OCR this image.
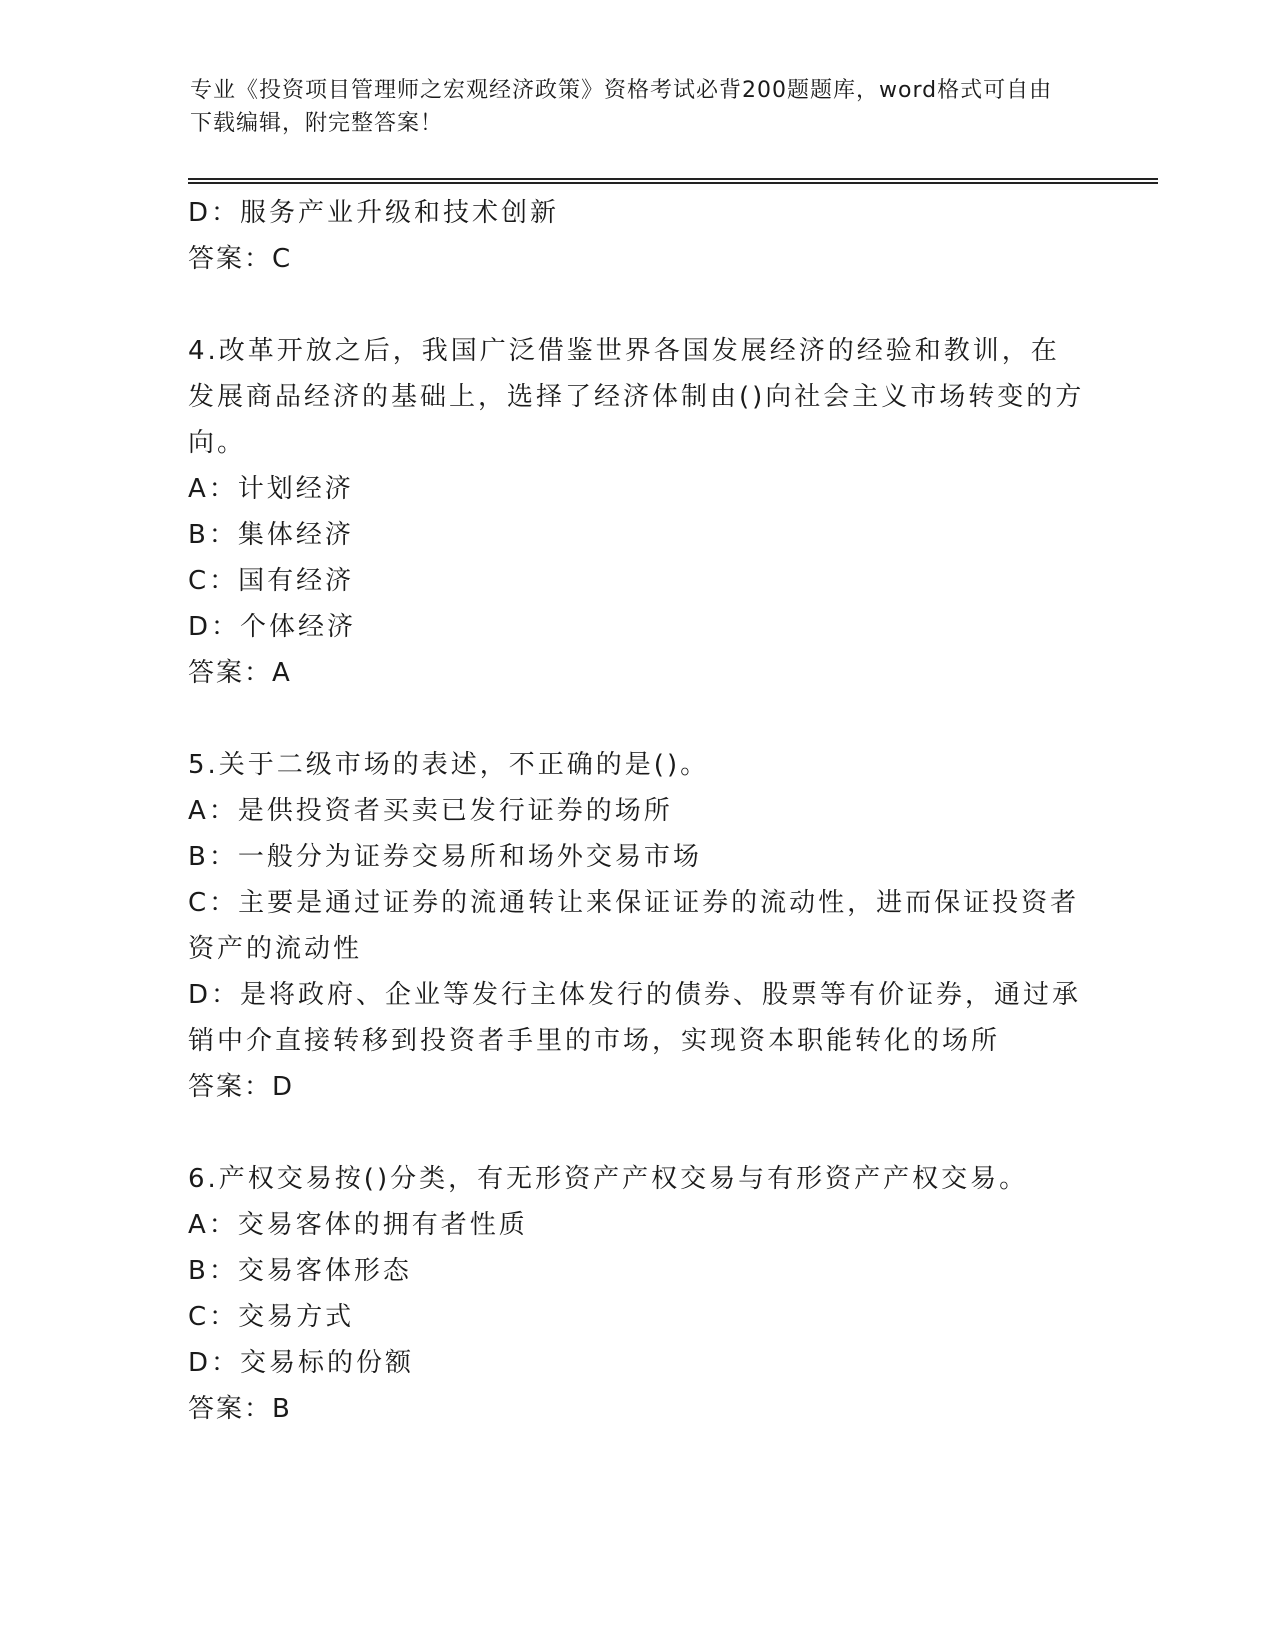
专业《投资项目管理师之宏观经济政策》资格考试必背200题题库，word格式可自由下载编辑，附完整答案！
D：服务产业升级和技术创新
答案：C
4.改革开放之后，我国广泛借鉴世界各国发展经济的经验和教训，在发展商品经济的基础上，选择了经济体制由()向社会主义市场转变的方向。
A：计划经济
B：集体经济
C：国有经济
D：个体经济
答案：A
5.关于二级市场的表述，不正确的是()。
A：是供投资者买卖已发行证券的场所
B：一般分为证券交易所和场外交易市场
C：主要是通过证券的流通转让来保证证券的流动性，进而保证投资者资产的流动性
D：是将政府、企业等发行主体发行的债券、股票等有价证券，通过承销中介直接转移到投资者手里的市场，实现资本职能转化的场所
答案：D
6.产权交易按()分类，有无形资产产权交易与有形资产产权交易。
A：交易客体的拥有者性质
B：交易客体形态
C：交易方式
D：交易标的份额
答案：B
